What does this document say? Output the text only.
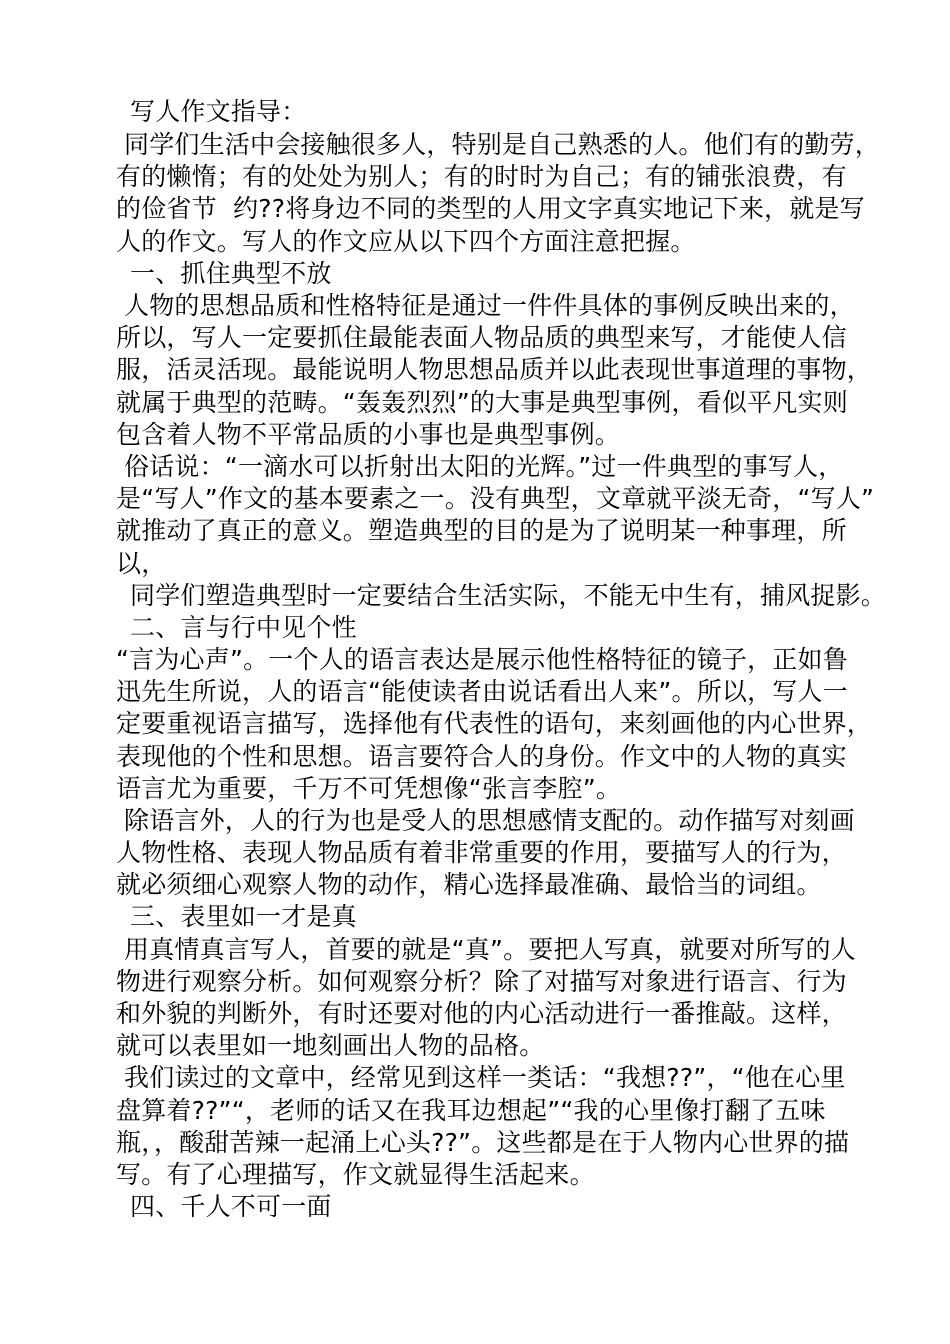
写人作文指导：
同学们生活中会接触很多人，特别是自己熟悉的人。他们有的勤劳，
有的懒惰；有的处处为别人；有的时时为自己；有的铺张浪费，有
的俭省节  约??将身边不同的类型的人用文字真实地记下来，就是写
人的作文。写人的作文应从以下四个方面注意把握。
一、抓住典型不放
人物的思想品质和性格特征是通过一件件具体的事例反映出来的，
所以，写人一定要抓住最能表面人物品质的典型来写，才能使人信
服，活灵活现。最能说明人物思想品质并以此表现世事道理的事物，
就属于典型的范畴。“轰轰烈烈”的大事是典型事例，看似平凡实则
包含着人物不平常品质的小事也是典型事例。
俗话说：“一滴水可以折射出太阳的光辉。”过一件典型的事写人，
是“写人”作文的基本要素之一。没有典型，文章就平淡无奇，“写人”
就推动了真正的意义。塑造典型的目的是为了说明某一种事理，所
以，
同学们塑造典型时一定要结合生活实际，不能无中生有，捕风捉影。
二、言与行中见个性
“言为心声”。一个人的语言表达是展示他性格特征的镜子，正如鲁
迅先生所说，人的语言“能使读者由说话看出人来”。所以，写人一
定要重视语言描写，选择他有代表性的语句，来刻画他的内心世界，
表现他的个性和思想。语言要符合人的身份。作文中的人物的真实
语言尤为重要，千万不可凭想像“张言李腔”。
除语言外，人的行为也是受人的思想感情支配的。动作描写对刻画
人物性格、表现人物品质有着非常重要的作用，要描写人的行为，
就必须细心观察人物的动作，精心选择最准确、最恰当的词组。
三、表里如一才是真
用真情真言写人，首要的就是“真”。要把人写真，就要对所写的人
物进行观察分析。如何观察分析？除了对描写对象进行语言、行为
和外貌的判断外，有时还要对他的内心活动进行一番推敲。这样，
就可以表里如一地刻画出人物的品格。
我们读过的文章中，经常见到这样一类话：“我想??”，“他在心里
盘算着??”“，老师的话又在我耳边想起”“我的心里像打翻了五味
瓶，，酸甜苦辣一起涌上心头??”。这些都是在于人物内心世界的描
写。有了心理描写，作文就显得生活起来。
四、千人不可一面
